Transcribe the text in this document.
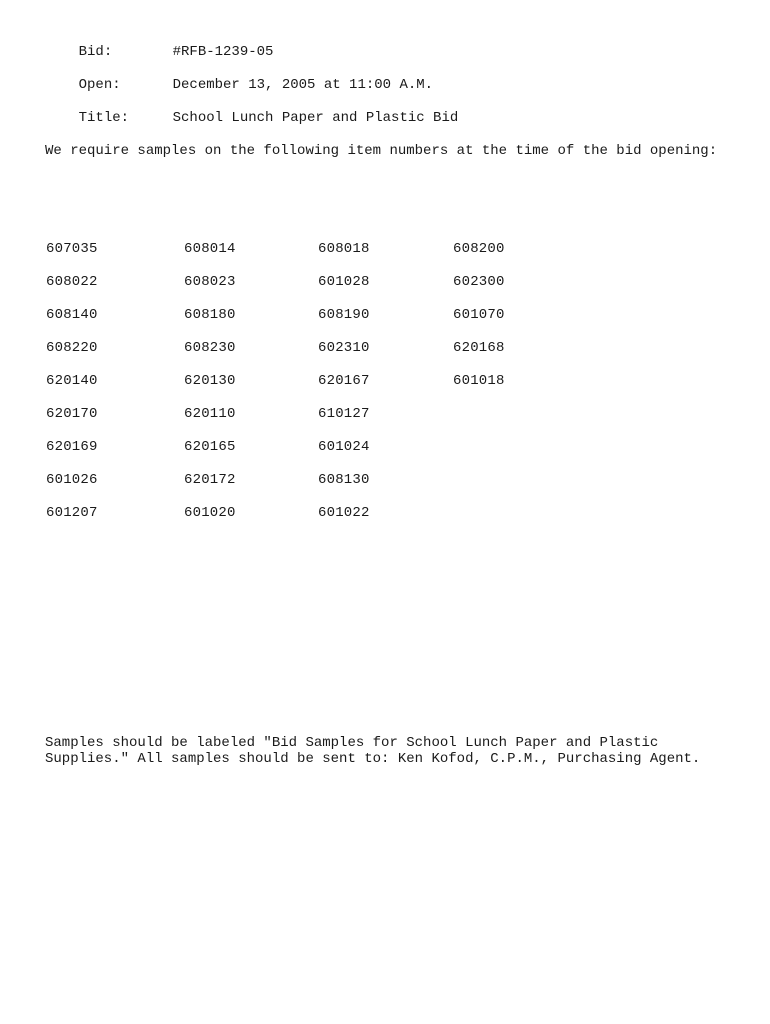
Bid:	#RFB-1239-05

Open:	December 13, 2005 at 11:00 A.M.

Title:	School Lunch Paper and Plastic Bid

We require samples on the following item numbers at the time of the bid opening:
607035	608014	608018	608200
608022	608023	601028	602300
608140	608180	608190	601070
608220	608230	602310	620168
620140	620130	620167	601018
620170	620110	610127
620169	620165	601024
601026	620172	608130
601207	601020	601022
Samples should be labeled "Bid Samples for School Lunch Paper and Plastic Supplies." All samples should be sent to: Ken Kofod, C.P.M., Purchasing Agent.
